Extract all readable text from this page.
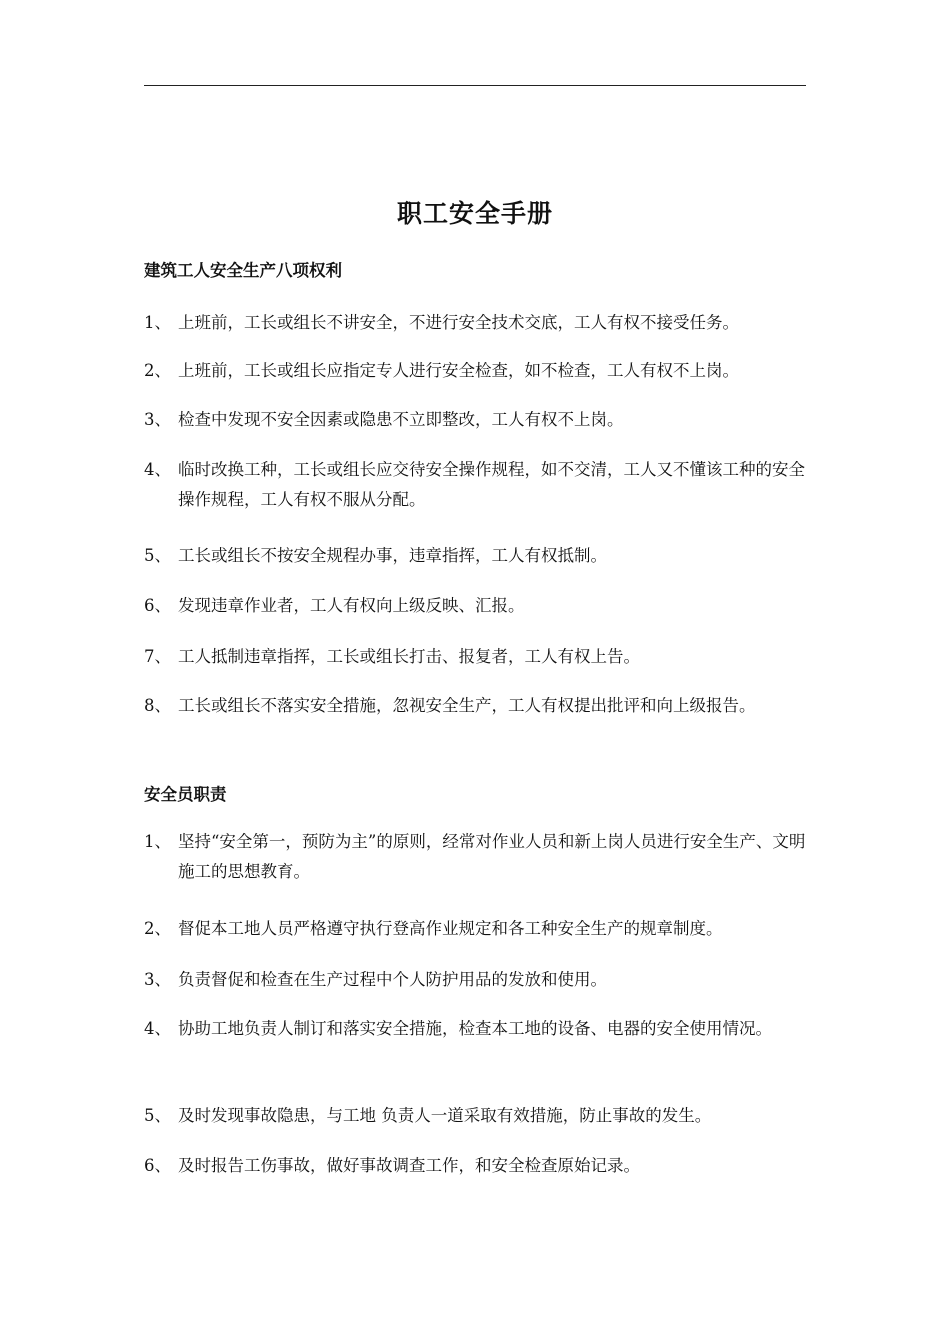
职工安全手册
建筑工人安全生产八项权利
1、 上班前，工长或组长不讲安全，不进行安全技术交底，工人有权不接受任务。
2、 上班前，工长或组长应指定专人进行安全检查，如不检查，工人有权不上岗。
3、 检查中发现不安全因素或隐患不立即整改，工人有权不上岗。
4、 临时改换工种，工长或组长应交待安全操作规程，如不交清，工人又不懂该工种的安全操作规程，工人有权不服从分配。
5、 工长或组长不按安全规程办事，违章指挥，工人有权抵制。
6、 发现违章作业者，工人有权向上级反映、汇报。
7、 工人抵制违章指挥，工长或组长打击、报复者，工人有权上告。
8、 工长或组长不落实安全措施，忽视安全生产，工人有权提出批评和向上级报告。
安全员职责
1、 坚持“安全第一，预防为主”的原则，经常对作业人员和新上岗人员进行安全生产、文明施工的思想教育。
2、 督促本工地人员严格遵守执行登高作业规定和各工种安全生产的规章制度。
3、 负责督促和检查在生产过程中个人防护用品的发放和使用。
4、 协助工地负责人制订和落实安全措施，检查本工地的设备、电器的安全使用情况。
5、 及时发现事故隐患，与工地 负责人一道采取有效措施，防止事故的发生。
6、 及时报告工伤事故，做好事故调查工作，和安全检查原始记录。
